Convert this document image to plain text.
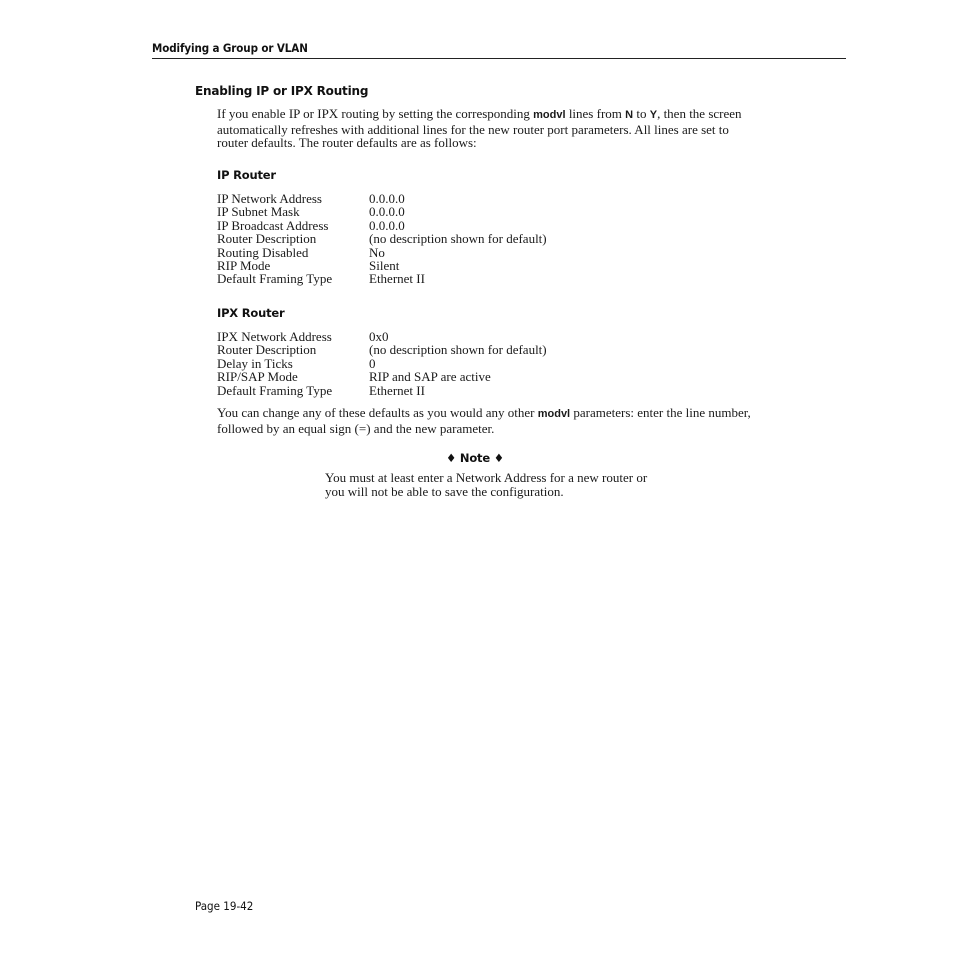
Modifying a Group or VLAN
Enabling IP or IPX Routing

If you enable IP or IPX routing by setting the corresponding modvl lines from N to Y, then the screen automatically refreshes with additional lines for the new router port parameters. All lines are set to router defaults. The router defaults are as follows:

IP Router
IP Network Address	0.0.0.0
IP Subnet Mask	0.0.0.0
IP Broadcast Address	0.0.0.0
Router Description	(no description shown for default)
Routing Disabled	No
RIP Mode	Silent
Default Framing Type	Ethernet II
IPX Router
IPX Network Address	0x0
Router Description	(no description shown for default)
Delay in Ticks	0
RIP/SAP Mode	RIP and SAP are active
Default Framing Type	Ethernet II

You can change any of these defaults as you would any other modvl parameters: enter the line number, followed by an equal sign (=) and the new parameter.

♦ Note ♦

You must at least enter a Network Address for a new router or you will not be able to save the configuration.

Page 19-42
